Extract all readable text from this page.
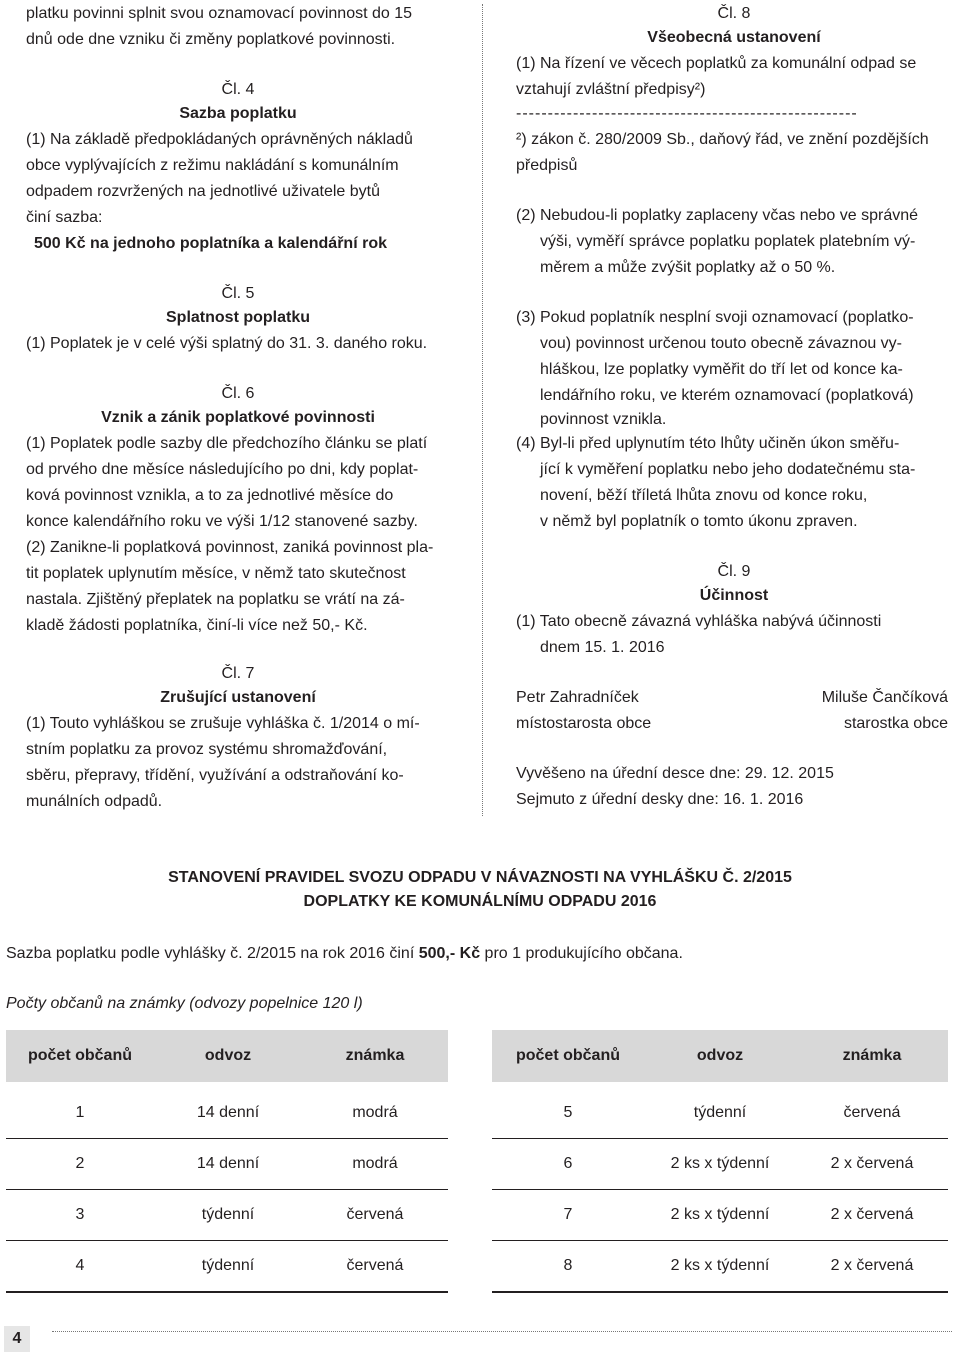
platku povinni splnit svou oznamovací povinnost do 15
dnů ode dne vzniku či změny poplatkové povinnosti.
Čl. 4
Sazba poplatku
(1) Na základě předpokládaných oprávněných nákladů
obce vyplývajících z režimu nakládání s komunálním
odpadem rozvržených na jednotlivé uživatele bytů
činí sazba:
500 Kč na jednoho poplatníka a kalendářní rok
Čl. 5
Splatnost poplatku
(1) Poplatek je v celé výši splatný do 31. 3. daného roku.
Čl. 6
Vznik a zánik poplatkové povinnosti
(1) Poplatek podle sazby dle předchozího článku se platí
od prvého dne měsíce následujícího po dni, kdy poplat-
ková povinnost vznikla, a to za jednotlivé měsíce do
konce kalendářního roku ve výši 1/12 stanovené sazby.
(2) Zanikne-li poplatková povinnost, zaniká povinnost pla-
tit poplatek uplynutím měsíce, v němž tato skutečnost
nastala. Zjištěný přeplatek na poplatku se vrátí na zá-
kladě žádosti poplatníka, činí-li více než 50,- Kč.
Čl. 7
Zrušující ustanovení
(1) Touto vyhláškou se zrušuje vyhláška č. 1/2014 o mí-
stním poplatku za provoz systému shromažďování,
sběru, přepravy, třídění, využívání a odstraňování ko-
munálních odpadů.
Čl. 8
Všeobecná ustanovení
(1) Na řízení ve věcech poplatků za komunální odpad se
vztahují zvláštní předpisy²)
------------------------------------------------------
²) zákon č. 280/2009 Sb., daňový řád, ve znění pozdějších
předpisů
(2) Nebudou-li poplatky zaplaceny včas nebo ve správné
výši, vyměří správce poplatku poplatek platebním vý-
měrem a může zvýšit poplatky až o 50 %.
(3) Pokud poplatník nesplní svoji oznamovací (poplatko-
vou) povinnost určenou touto obecně závaznou vy-
hláškou, lze poplatky vyměřit do tří let od konce ka-
lendářního roku, ve kterém oznamovací (poplatková)
povinnost vznikla.
(4) Byl-li před uplynutím této lhůty učiněn úkon směřu-
jící k vyměření poplatku nebo jeho dodatečnému sta-
novení, běží tříletá lhůta znovu od konce roku,
v němž byl poplatník o tomto úkonu zpraven.
Čl. 9
Účinnost
(1) Tato obecně závazná vyhláška nabývá účinnosti
dnem 15. 1. 2016
Petr Zahradníček
místostarosta obce
Miluše Čančíková
starostka obce
Vyvěšeno na úřední desce dne: 29. 12. 2015
Sejmuto z úřední desky dne: 16. 1. 2016
STANOVENÍ PRAVIDEL SVOZU ODPADU V NÁVAZNOSTI NA VYHLÁŠKU Č. 2/2015
DOPLATKY KE KOMUNÁLNÍMU ODPADU 2016
Sazba poplatku podle vyhlášky č. 2/2015 na rok 2016 činí 500,- Kč pro 1 produkujícího občana.
Počty občanů na známky (odvozy popelnice 120 l)
počet občanů	odvoz	známka
1	14 denní	modrá
2	14 denní	modrá
3	týdenní	červená
4	týdenní	červená
počet občanů	odvoz	známka
5	týdenní	červená
6	2 ks x týdenní	2 x červená
7	2 ks x týdenní	2 x červená
8	2 ks x týdenní	2 x červená
4
